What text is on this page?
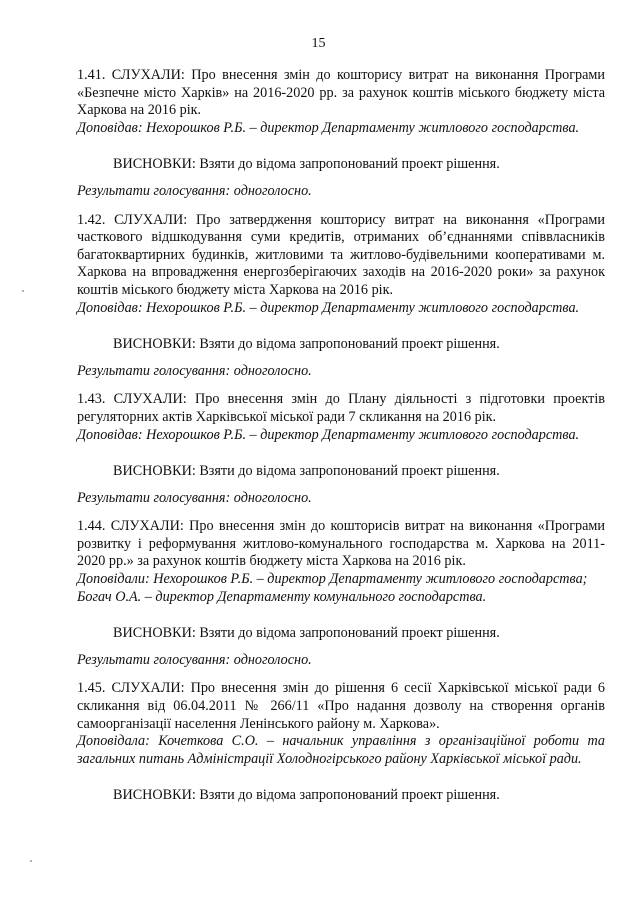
15

1.41. СЛУХАЛИ: Про внесення змін до кошторису витрат на виконання Програми «Безпечне місто Харків» на 2016-2020 рр. за рахунок коштів міського бюджету міста Харкова на 2016 рік.

Доповідав: Нехорошков Р.Б. – директор Департаменту житлового господарства.

ВИСНОВКИ: Взяти до відома запропонований проект рішення.

Результати голосування: одноголосно.

1.42. СЛУХАЛИ: Про затвердження кошторису витрат на виконання «Програми часткового відшкодування суми кредитів, отриманих об’єднаннями співвласників багатоквартирних будинків, житловими та житлово-будівельними кооперативами м. Харкова на впровадження енергозберігаючих заходів на 2016-2020 роки» за рахунок коштів міського бюджету міста Харкова на 2016 рік.

Доповідав: Нехорошков Р.Б. – директор Департаменту житлового господарства.

ВИСНОВКИ: Взяти до відома запропонований проект рішення.

Результати голосування: одноголосно.

1.43. СЛУХАЛИ: Про внесення змін до Плану діяльності з підготовки проектів регуляторних актів Харківської міської ради 7 скликання на 2016 рік.

Доповідав: Нехорошков Р.Б. – директор Департаменту житлового господарства.

ВИСНОВКИ: Взяти до відома запропонований проект рішення.

Результати голосування: одноголосно.

1.44. СЛУХАЛИ: Про внесення змін до кошторисів витрат на виконання «Програми розвитку і реформування житлово-комунального господарства м. Харкова на 2011-2020 рр.» за рахунок коштів бюджету міста Харкова на 2016 рік.

Доповідали: Нехорошков Р.Б. – директор Департаменту житлового господарства;

Богач О.А. – директор Департаменту комунального господарства.

ВИСНОВКИ: Взяти до відома запропонований проект рішення.

Результати голосування: одноголосно.

1.45. СЛУХАЛИ: Про внесення змін до рішення 6 сесії Харківської міської ради 6 скликання від 06.04.2011 № 266/11 «Про надання дозволу на створення органів самоорганізації населення Ленінського району м. Харкова».

Доповідала: Кочеткова С.О. – начальник управління з організаційної роботи та загальних питань Адміністрації Холодногірського району Харківської міської ради.

ВИСНОВКИ: Взяти до відома запропонований проект рішення.
